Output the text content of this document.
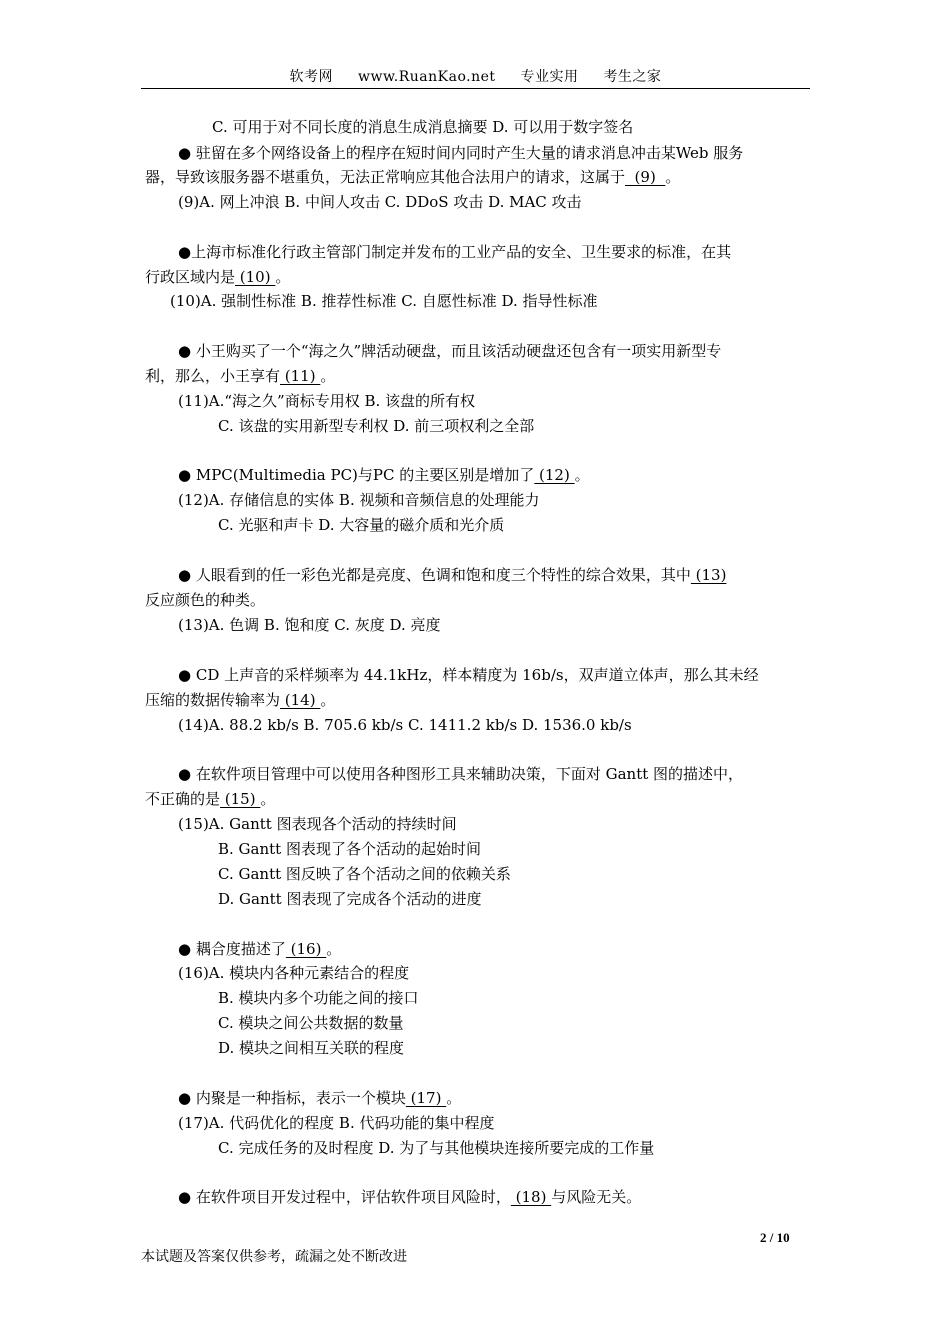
软考网 www.RuanKao.net 专业实用 考生之家
C. 可用于对不同长度的消息生成消息摘要 D. 可以用于数字签名
● 驻留在多个网络设备上的程序在短时间内同时产生大量的请求消息冲击某Web 服务
器，导致该服务器不堪重负，无法正常响应其他合法用户的请求，这属于  (9)  。
(9)A. 网上冲浪 B. 中间人攻击 C. DDoS 攻击 D. MAC 攻击
●上海市标准化行政主管部门制定并发布的工业产品的安全、卫生要求的标准，在其
行政区域内是 (10) 。
(10)A. 强制性标准 B. 推荐性标准 C. 自愿性标准 D. 指导性标准
● 小王购买了一个“海之久”牌活动硬盘，而且该活动硬盘还包含有一项实用新型专
利，那么，小王享有 (11) 。
(11)A.“海之久”商标专用权 B. 该盘的所有权
C. 该盘的实用新型专利权 D. 前三项权利之全部
● MPC(Multimedia PC)与PC 的主要区别是增加了 (12) 。
(12)A. 存储信息的实体 B. 视频和音频信息的处理能力
C. 光驱和声卡 D. 大容量的磁介质和光介质
● 人眼看到的任一彩色光都是亮度、色调和饱和度三个特性的综合效果，其中 (13)
反应颜色的种类。
(13)A. 色调 B. 饱和度 C. 灰度 D. 亮度
● CD 上声音的采样频率为 44.1kHz，样本精度为 16b/s，双声道立体声，那么其未经
压缩的数据传输率为 (14) 。
(14)A. 88.2 kb/s B. 705.6 kb/s C. 1411.2 kb/s D. 1536.0 kb/s
● 在软件项目管理中可以使用各种图形工具来辅助决策，下面对 Gantt 图的描述中，
不正确的是 (15) 。
(15)A. Gantt 图表现各个活动的持续时间
B. Gantt 图表现了各个活动的起始时间
C. Gantt 图反映了各个活动之间的依赖关系
D. Gantt 图表现了完成各个活动的进度
● 耦合度描述了 (16) 。
(16)A. 模块内各种元素结合的程度
B. 模块内多个功能之间的接口
C. 模块之间公共数据的数量
D. 模块之间相互关联的程度
● 内聚是一种指标，表示一个模块 (17) 。
(17)A. 代码优化的程度 B. 代码功能的集中程度
C. 完成任务的及时程度 D. 为了与其他模块连接所要完成的工作量
● 在软件项目开发过程中，评估软件项目风险时， (18) 与风险无关。
2 / 10
本试题及答案仅供参考，疏漏之处不断改进
